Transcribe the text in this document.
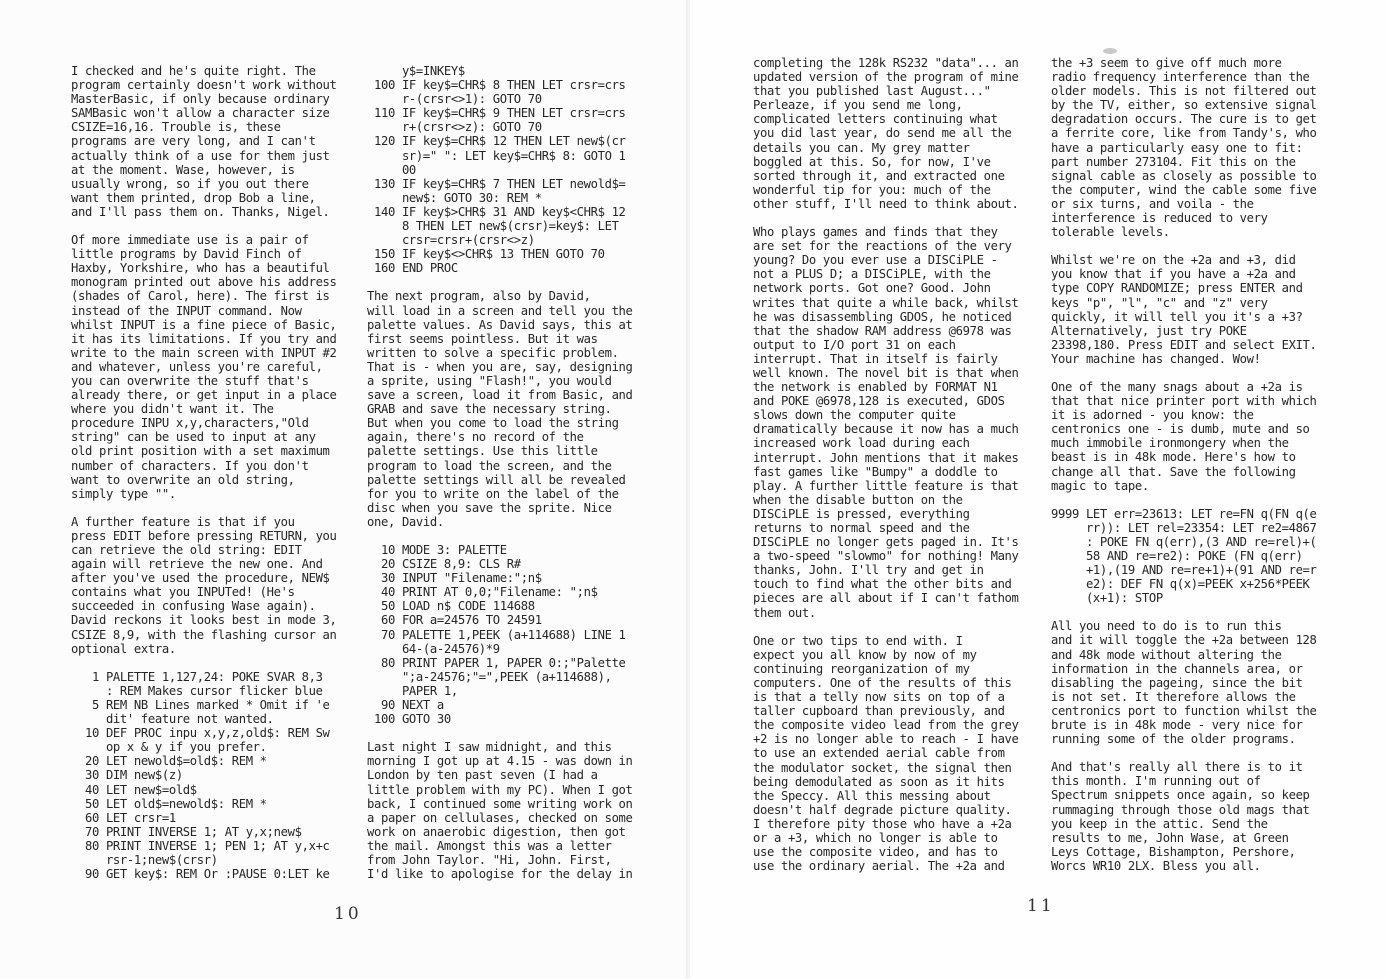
I checked and he's quite right. The
program certainly doesn't work without
MasterBasic, if only because ordinary
SAMBasic won't allow a character size
CSIZE=16,16. Trouble is, these
programs are very long, and I can't
actually think of a use for them just
at the moment. Wase, however, is
usually wrong, so if you out there
want them printed, drop Bob a line,
and I'll pass them on. Thanks, Nigel.

Of more immediate use is a pair of
little programs by David Finch of
Haxby, Yorkshire, who has a beautiful
monogram printed out above his address
(shades of Carol, here). The first is
instead of the INPUT command. Now
whilst INPUT is a fine piece of Basic,
it has its limitations. If you try and
write to the main screen with INPUT #2
and whatever, unless you're careful,
you can overwrite the stuff that's
already there, or get input in a place
where you didn't want it. The
procedure INPU x,y,characters,"Old
string" can be used to input at any
old print position with a set maximum
number of characters. If you don't
want to overwrite an old string,
simply type "".

A further feature is that if you
press EDIT before pressing RETURN, you
can retrieve the old string: EDIT
again will retrieve the new one. And
after you've used the procedure, NEW$
contains what you INPUTed! (He's
succeeded in confusing Wase again).
David reckons it looks best in mode 3,
CSIZE 8,9, with the flashing cursor an
optional extra.

1 PALETTE 1,127,24: POKE SVAR 8,3
: REM Makes cursor flicker blue
5 REM NB Lines marked * Omit if 'e
dit' feature not wanted.
10 DEF PROC inpu x,y,z,old$: REM Sw
op x & y if you prefer.
20 LET newold$=old$: REM *
30 DIM new$(z)
40 LET new$=old$
50 LET old$=newold$: REM *
60 LET crsr=1
70 PRINT INVERSE 1; AT y,x;new$
80 PRINT INVERSE 1; PEN 1; AT y,x+c
rsr-1;new$(crsr)
90 GET key$: REM Or :PAUSE 0:LET ke
y$=INKEY$
100 IF key$=CHR$ 8 THEN LET crsr=crs
r-(crsr<>1): GOTO 70
110 IF key$=CHR$ 9 THEN LET crsr=crs
r+(crsr<>z): GOTO 70
120 IF key$=CHR$ 12 THEN LET new$(cr
sr)=" ": LET key$=CHR$ 8: GOTO 1
00
130 IF key$=CHR$ 7 THEN LET newold$=
new$: GOTO 30: REM *
140 IF key$>CHR$ 31 AND key$<CHR$ 12
8 THEN LET new$(crsr)=key$: LET
crsr=crsr+(crsr<>z)
150 IF key$<>CHR$ 13 THEN GOTO 70
160 END PROC

The next program, also by David,
will load in a screen and tell you the
palette values. As David says, this at
first seems pointless. But it was
written to solve a specific problem.
That is - when you are, say, designing
a sprite, using "Flash!", you would
save a screen, load it from Basic, and
GRAB and save the necessary string.
But when you come to load the string
again, there's no record of the
palette settings. Use this little
program to load the screen, and the
palette settings will all be revealed
for you to write on the label of the
disc when you save the sprite. Nice
one, David.

10 MODE 3: PALETTE
20 CSIZE 8,9: CLS R#
30 INPUT "Filename:";n$
40 PRINT AT 0,0;"Filename: ";n$
50 LOAD n$ CODE 114688
60 FOR a=24576 TO 24591
70 PALETTE 1,PEEK (a+114688) LINE 1
64-(a-24576)*9
80 PRINT PAPER 1, PAPER 0:;"Palette
";a-24576;"=",PEEK (a+114688),
PAPER 1,
90 NEXT a
100 GOTO 30

Last night I saw midnight, and this
morning I got up at 4.15 - was down in
London by ten past seven (I had a
little problem with my PC). When I got
back, I continued some writing work on
a paper on cellulases, checked on some
work on anaerobic digestion, then got
the mail. Amongst this was a letter
from John Taylor. "Hi, John. First,
I'd like to apologise for the delay in

10

completing the 128k RS232 "data"... an
updated version of the program of mine
that you published last August..."
Perleaze, if you send me long,
complicated letters continuing what
you did last year, do send me all the
details you can. My grey matter
boggled at this. So, for now, I've
sorted through it, and extracted one
wonderful tip for you: much of the
other stuff, I'll need to think about.

Who plays games and finds that they
are set for the reactions of the very
young? Do you ever use a DISCiPLE -
not a PLUS D; a DISCiPLE, with the
network ports. Got one? Good. John
writes that quite a while back, whilst
he was disassembling GDOS, he noticed
that the shadow RAM address @6978 was
output to I/O port 31 on each
interrupt. That in itself is fairly
well known. The novel bit is that when
the network is enabled by FORMAT N1
and POKE @6978,128 is executed, GDOS
slows down the computer quite
dramatically because it now has a much
increased work load during each
interrupt. John mentions that it makes
fast games like "Bumpy" a doddle to
play. A further little feature is that
when the disable button on the
DISCiPLE is pressed, everything
returns to normal speed and the
DISCiPLE no longer gets paged in. It's
a two-speed "slowmo" for nothing! Many
thanks, John. I'll try and get in
touch to find what the other bits and
pieces are all about if I can't fathom
them out.

One or two tips to end with. I
expect you all know by now of my
continuing reorganization of my
computers. One of the results of this
is that a telly now sits on top of a
taller cupboard than previously, and
the composite video lead from the grey
+2 is no longer able to reach - I have
to use an extended aerial cable from
the modulator socket, the signal then
being demodulated as soon as it hits
the Speccy. All this messing about
doesn't half degrade picture quality.
I therefore pity those who have a +2a
or a +3, which no longer is able to
use the composite video, and has to
use the ordinary aerial. The +2a and

the +3 seem to give off much more
radio frequency interference than the
older models. This is not filtered out
by the TV, either, so extensive signal
degradation occurs. The cure is to get
a ferrite core, like from Tandy's, who
have a particularly easy one to fit:
part number 273104. Fit this on the
signal cable as closely as possible to
the computer, wind the cable some five
or six turns, and voila - the
interference is reduced to very
tolerable levels.

Whilst we're on the +2a and +3, did
you know that if you have a +2a and
type COPY RANDOMIZE; press ENTER and
keys "p", "l", "c" and "z" very
quickly, it will tell you it's a +3?
Alternatively, just try POKE
23398,180. Press EDIT and select EXIT.
Your machine has changed. Wow!

One of the many snags about a +2a is
that that nice printer port with which
it is adorned - you know: the
centronics one - is dumb, mute and so
much immobile ironmongery when the
beast is in 48k mode. Here's how to
change all that. Save the following
magic to tape.

9999 LET err=23613: LET re=FN q(FN q(e
rr)): LET rel=23354: LET re2=4867
: POKE FN q(err),(3 AND re=rel)+(
58 AND re=re2): POKE (FN q(err)
+1),(19 AND re=re+1)+(91 AND re=r
e2): DEF FN q(x)=PEEK x+256*PEEK
(x+1): STOP

All you need to do is to run this
and it will toggle the +2a between 128
and 48k mode without altering the
information in the channels area, or
disabling the pageing, since the bit
is not set. It therefore allows the
centronics port to function whilst the
brute is in 48k mode - very nice for
running some of the older programs.

And that's really all there is to it
this month. I'm running out of
Spectrum snippets once again, so keep
rummaging through those old mags that
you keep in the attic. Send the
results to me, John Wase, at Green
Leys Cottage, Bishampton, Pershore,
Worcs WR10 2LX. Bless you all.

11
